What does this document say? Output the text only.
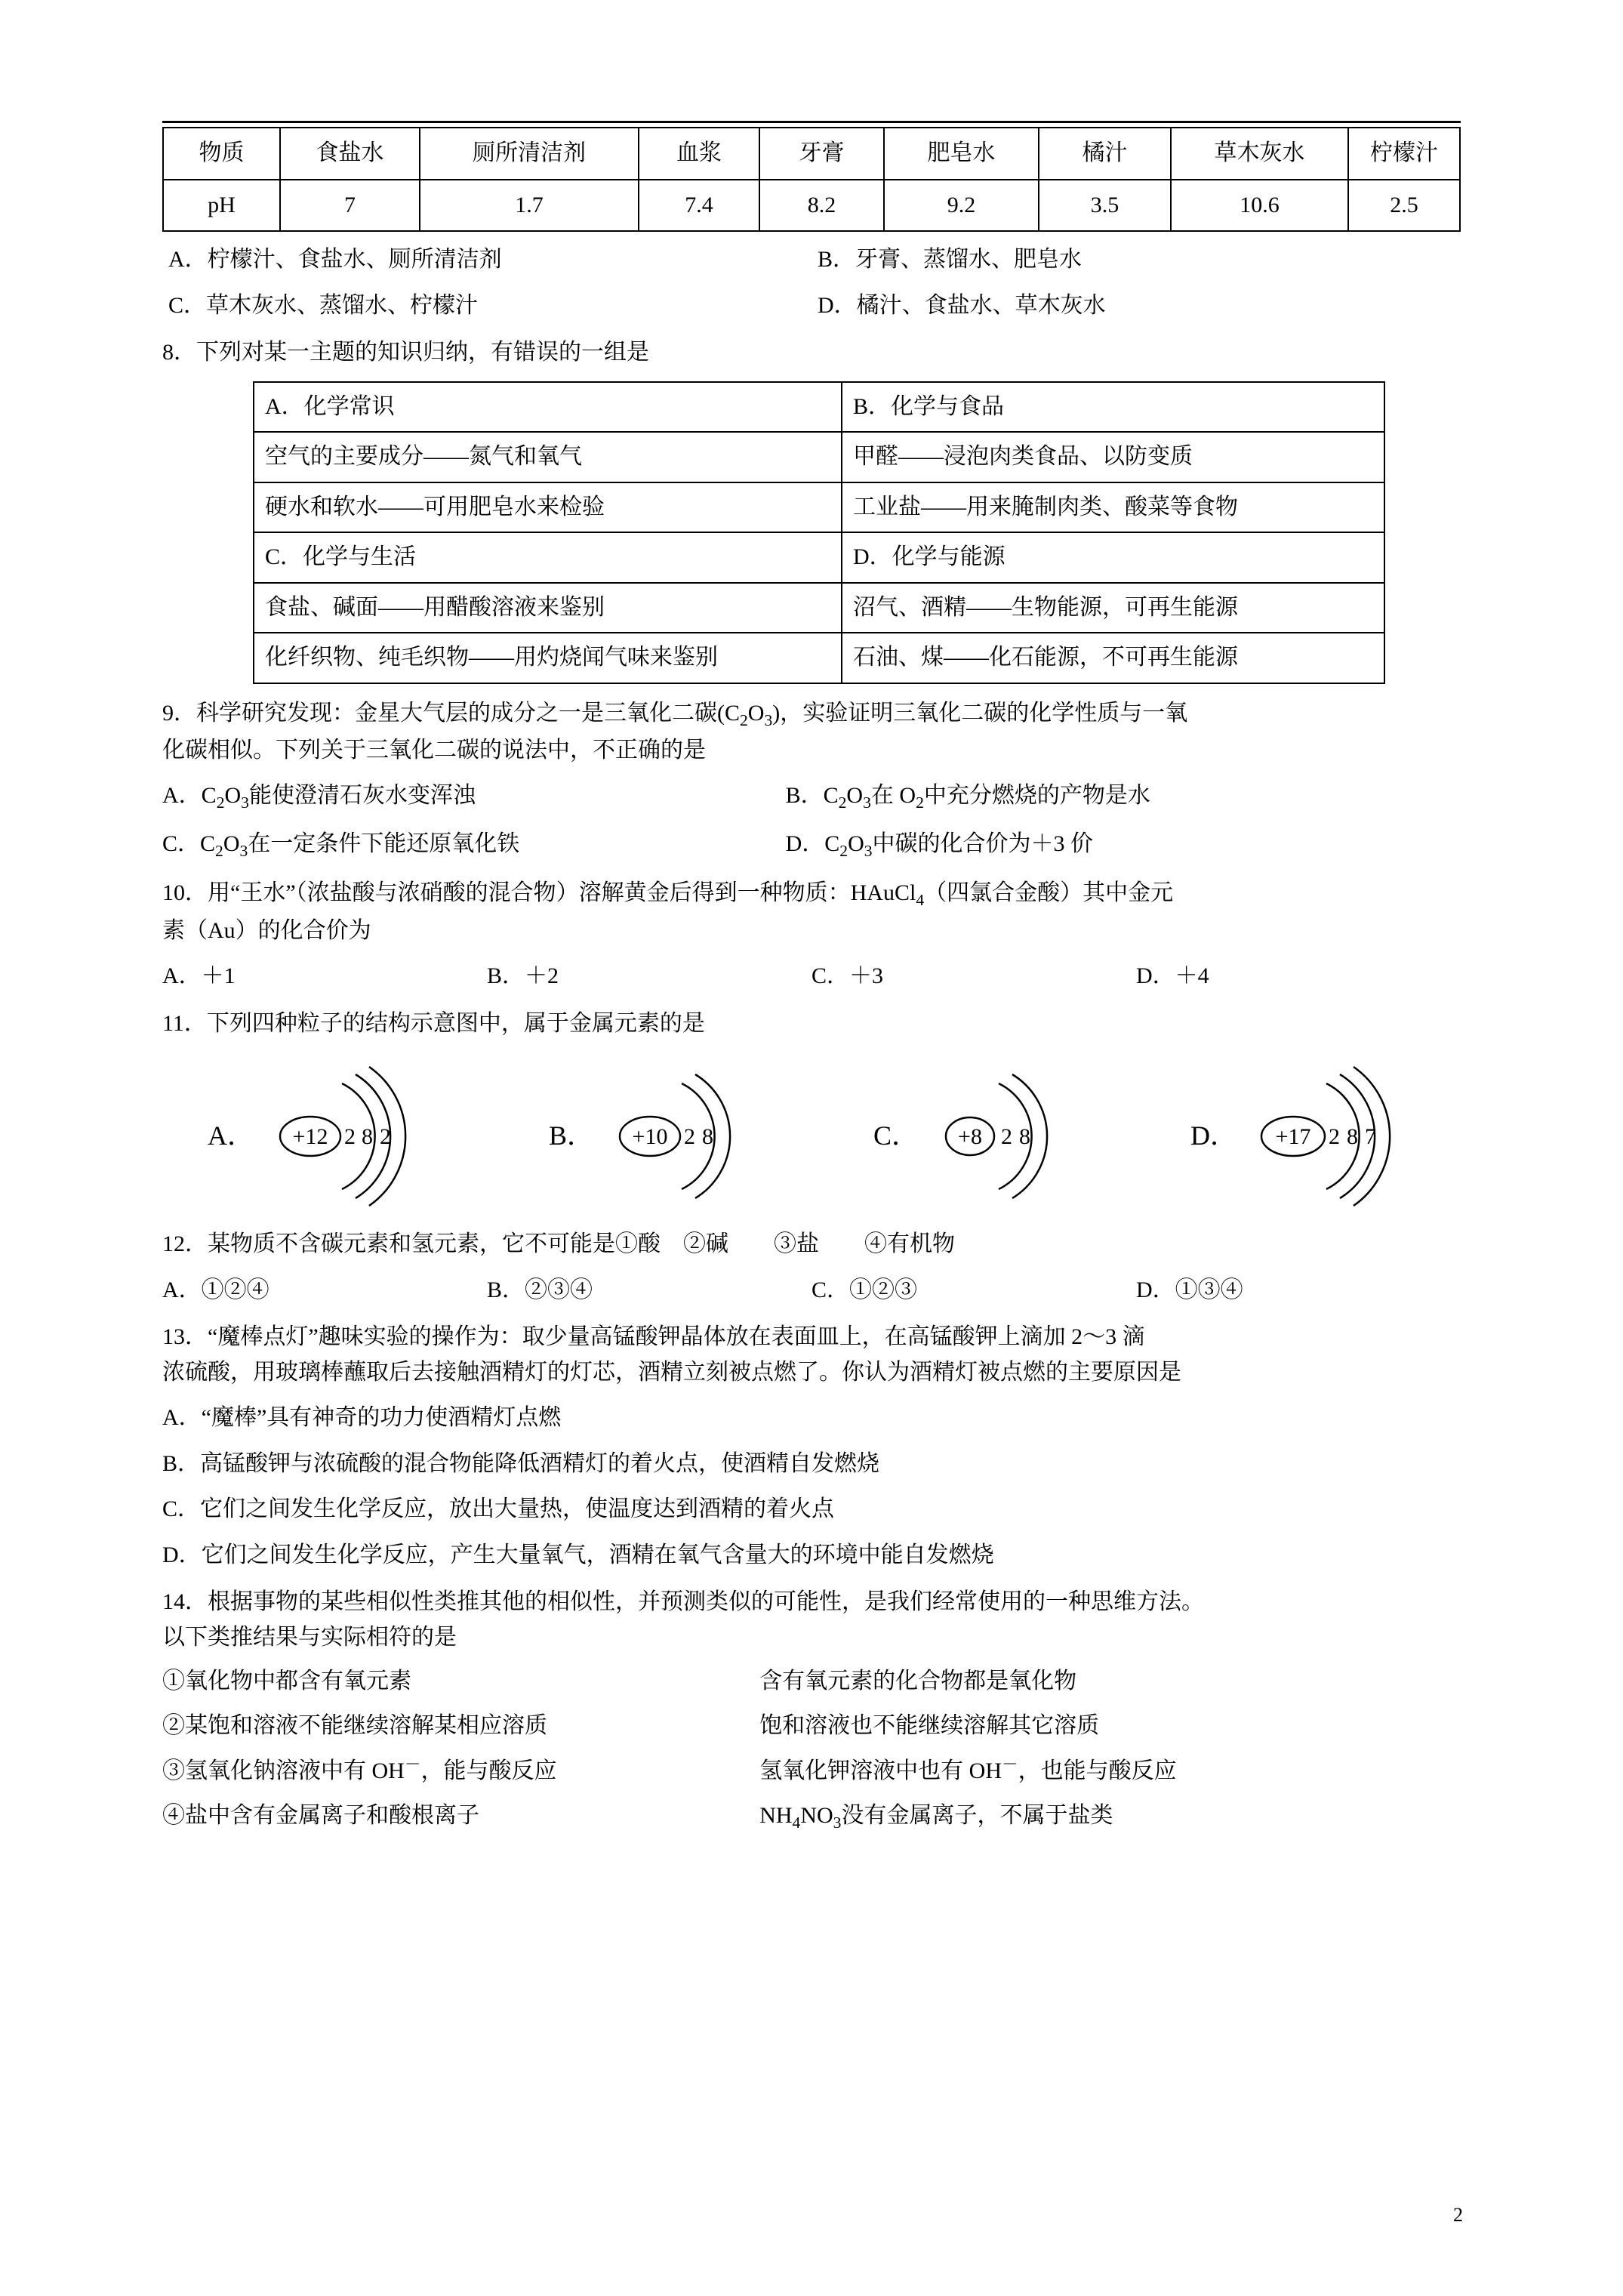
物质	食盐水	厕所清洁剂	血浆	牙膏	肥皂水	橘汁	草木灰水	柠檬汁
pH	7	1.7	7.4	8.2	9.2	3.5	10.6	2.5
A．柠檬汁、食盐水、厕所清洁剂	B．牙膏、蒸馏水、肥皂水
C．草木灰水、蒸馏水、柠檬汁	D．橘汁、食盐水、草木灰水
8．下列对某一主题的知识归纳，有错误的一组是
A．化学常识	B．化学与食品
空气的主要成分——氮气和氧气	甲醛——浸泡肉类食品、以防变质
硬水和软水——可用肥皂水来检验	工业盐——用来腌制肉类、酸菜等食物
C．化学与生活	D．化学与能源
食盐、碱面——用醋酸溶液来鉴别	沼气、酒精——生物能源，可再生能源
化纤织物、纯毛织物——用灼烧闻气味来鉴别	石油、煤——化石能源，不可再生能源
9．科学研究发现：金星大气层的成分之一是三氧化二碳$(C_2O_3)$，实验证明三氧化二碳的化学性质与一氧
化碳相似。下列关于三氧化二碳的说法中，不正确的是
A．$C_2O_3$能使澄清石灰水变浑浊	B．$C_2O_3$在 $O_2$中充分燃烧的产物是水
C．$C_2O_3$在一定条件下能还原氧化铁	D．$C_2O_3$中碳的化合价为＋3 价
10．用“王水”（浓盐酸与浓硝酸的混合物）溶解黄金后得到一种物质：HAuCl$_4$（四氯合金酸）其中金元
素（Au）的化合价为
A．＋1	B．＋2	C．＋3	D．＋4
11．下列四种粒子的结构示意图中，属于金属元素的是
A． +12 2 8 2	B． +10 2 8	C． +8 2 8	D． +17 2 8 7
12．某物质不含碳元素和氢元素，它不可能是①酸　②碱　　③盐　　④有机物
A．①②④	B．②③④	C．①②③	D．①③④
13．“魔棒点灯”趣味实验的操作为：取少量高锰酸钾晶体放在表面皿上，在高锰酸钾上滴加 2～3 滴
浓硫酸，用玻璃棒蘸取后去接触酒精灯的灯芯，酒精立刻被点燃了。你认为酒精灯被点燃的主要原因是
A．“魔棒”具有神奇的功力使酒精灯点燃
B．高锰酸钾与浓硫酸的混合物能降低酒精灯的着火点，使酒精自发燃烧
C．它们之间发生化学反应，放出大量热，使温度达到酒精的着火点
D．它们之间发生化学反应，产生大量氧气，酒精在氧气含量大的环境中能自发燃烧
14．根据事物的某些相似性类推其他的相似性，并预测类似的可能性，是我们经常使用的一种思维方法。
以下类推结果与实际相符的是
①氧化物中都含有氧元素	含有氧元素的化合物都是氧化物
②某饱和溶液不能继续溶解某相应溶质	饱和溶液也不能继续溶解其它溶质
③氢氧化钠溶液中有 OH－，能与酸反应	氢氧化钾溶液中也有 OH－，也能与酸反应
④盐中含有金属离子和酸根离子	$NH_4NO_3$没有金属离子，不属于盐类
2
